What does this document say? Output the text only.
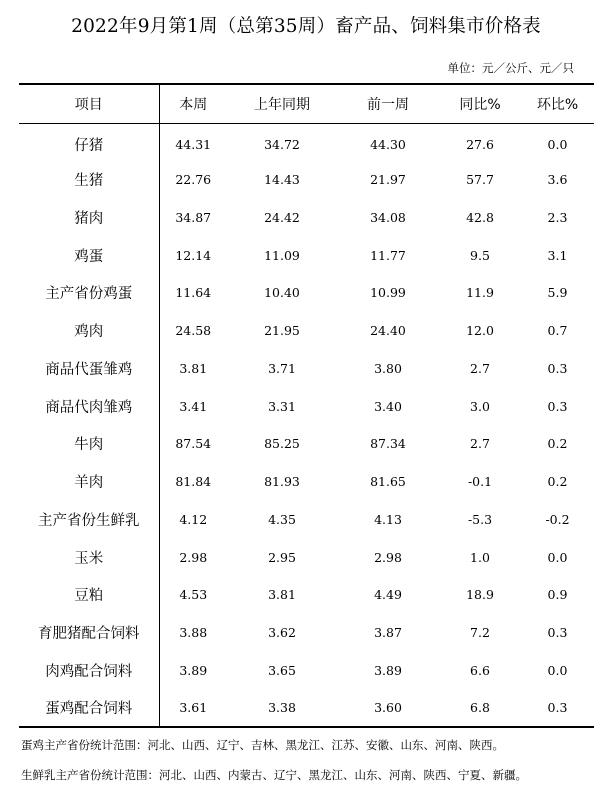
2022年9月第1周（总第35周）畜产品、饲料集市价格表
单位：元／公斤、元／只
项目	本周	上年同期	前一周	同比%	环比%
仔猪	44.31	34.72	44.30	27.6	0.0
生猪	22.76	14.43	21.97	57.7	3.6
猪肉	34.87	24.42	34.08	42.8	2.3
鸡蛋	12.14	11.09	11.77	9.5	3.1
主产省份鸡蛋	11.64	10.40	10.99	11.9	5.9
鸡肉	24.58	21.95	24.40	12.0	0.7
商品代蛋雏鸡	3.81	3.71	3.80	2.7	0.3
商品代肉雏鸡	3.41	3.31	3.40	3.0	0.3
牛肉	87.54	85.25	87.34	2.7	0.2
羊肉	81.84	81.93	81.65	-0.1	0.2
主产省份生鲜乳	4.12	4.35	4.13	-5.3	-0.2
玉米	2.98	2.95	2.98	1.0	0.0
豆粕	4.53	3.81	4.49	18.9	0.9
育肥猪配合饲料	3.88	3.62	3.87	7.2	0.3
肉鸡配合饲料	3.89	3.65	3.89	6.6	0.0
蛋鸡配合饲料	3.61	3.38	3.60	6.8	0.3
蛋鸡主产省份统计范围：河北、山西、辽宁、吉林、黑龙江、江苏、安徽、山东、河南、陕西。
生鲜乳主产省份统计范围：河北、山西、内蒙古、辽宁、黑龙江、山东、河南、陕西、宁夏、新疆。
